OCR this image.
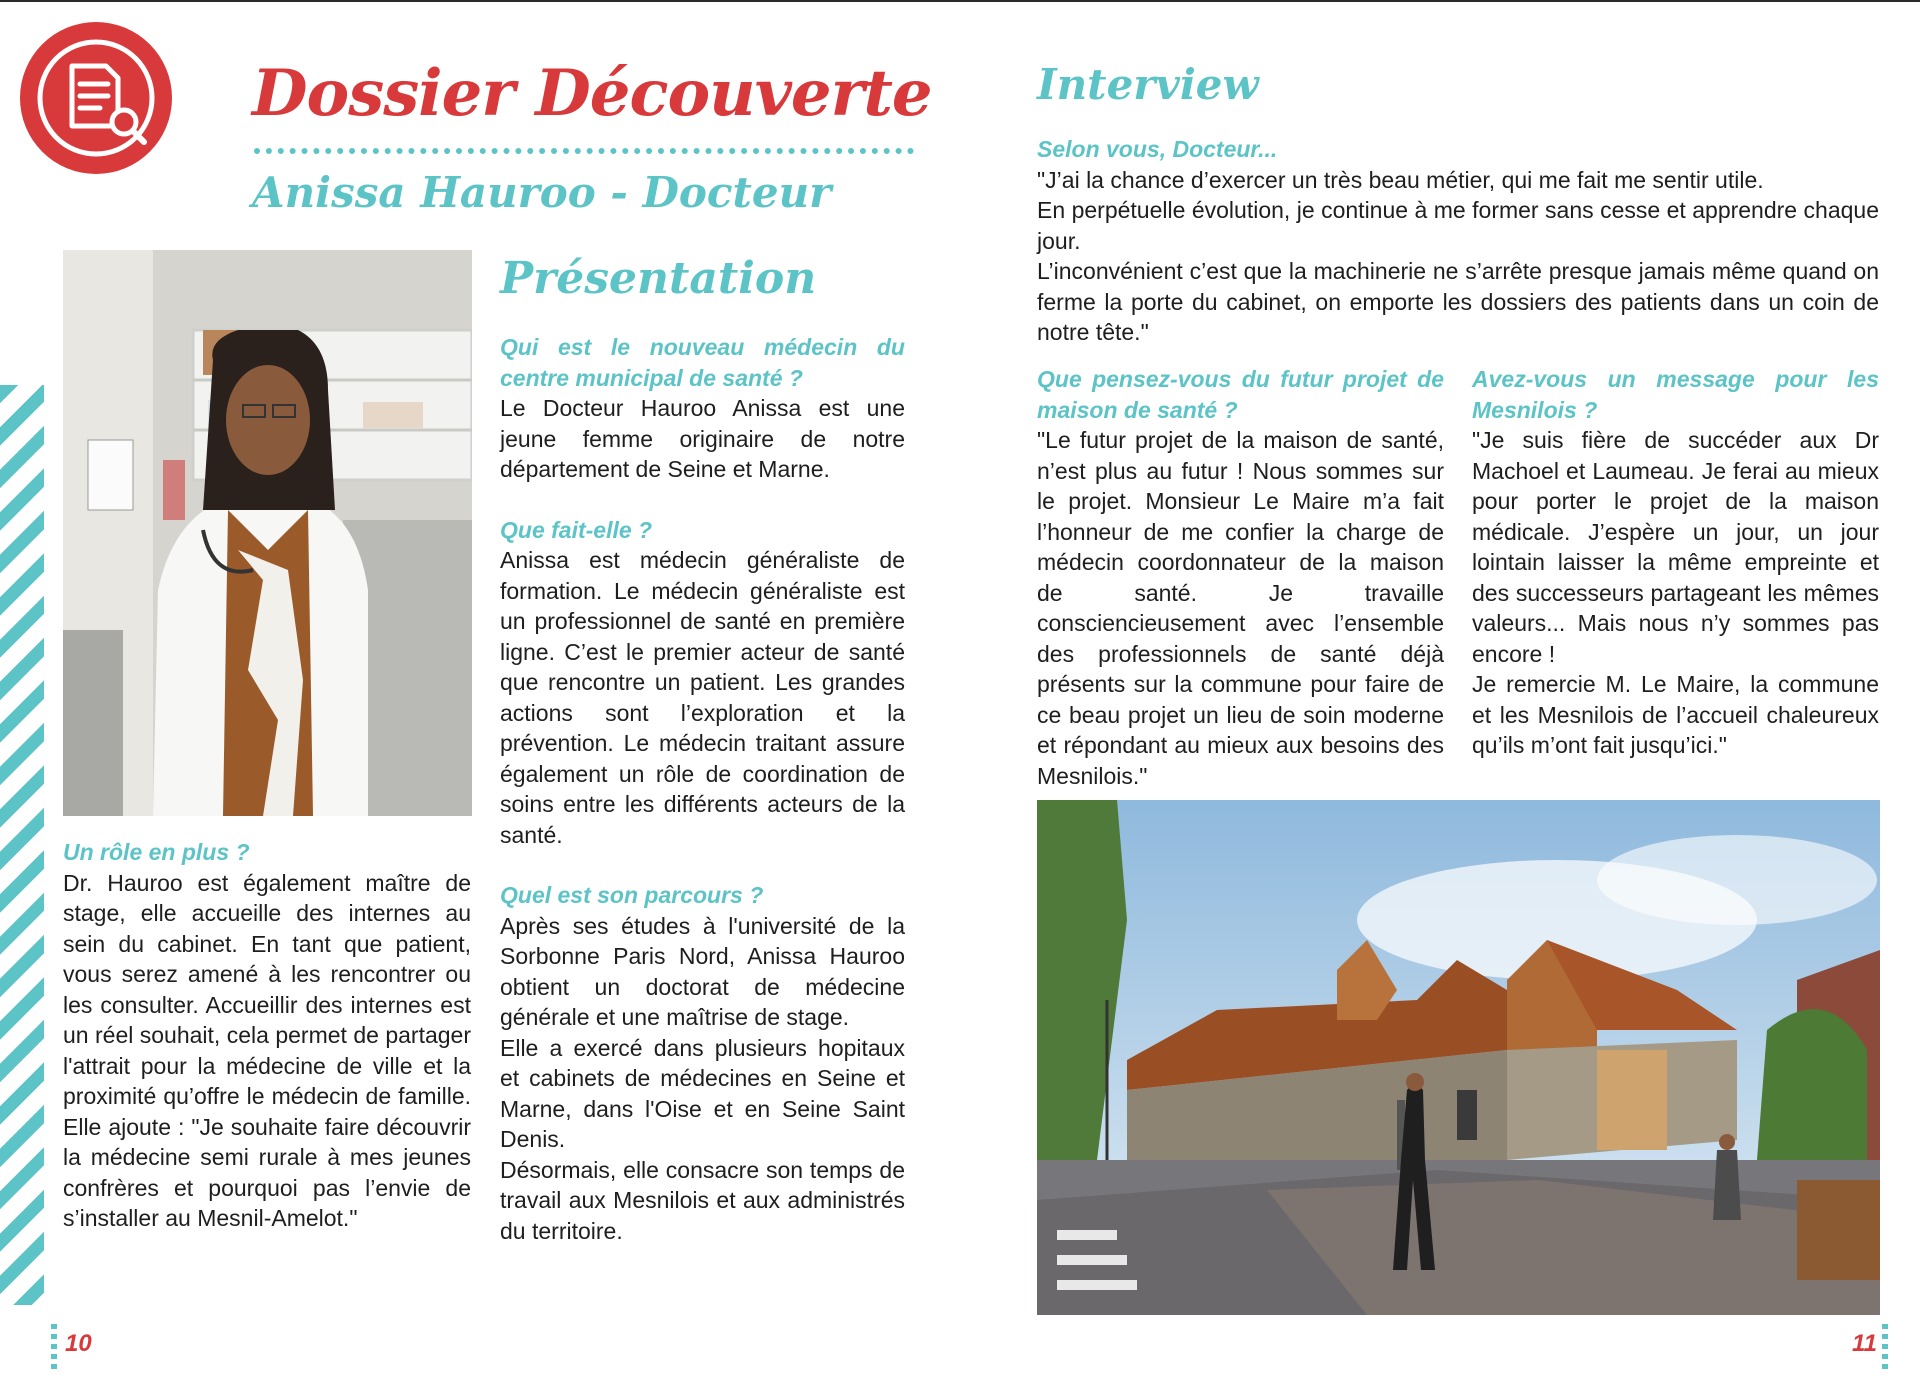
Dossier Découverte
Anissa Hauroo - Docteur
Présentation

Qui est le nouveau médecin du centre municipal de santé ?

Le Docteur Hauroo Anissa est une jeune femme originaire de notre département de Seine et Marne.

Que fait-elle ?

Anissa est médecin généraliste de formation. Le médecin généraliste est un professionnel de santé en première ligne. C’est le premier acteur de santé que rencontre un patient. Les grandes actions sont l’exploration et la prévention. Le médecin traitant assure également un rôle de coordination de soins entre les différents acteurs de la santé.

Quel est son parcours ?

Après ses études à l'université de la Sorbonne Paris Nord, Anissa Hauroo obtient un doctorat de médecine générale et une maîtrise de stage.

Elle a exercé dans plusieurs hopitaux et cabinets de médecines en Seine et Marne, dans l'Oise et en Seine Saint Denis.

Désormais, elle consacre son temps de travail aux Mesnilois et aux administrés du territoire.

Un rôle en plus ?

Dr. Hauroo est également maître de stage, elle accueille des internes au sein du cabinet. En tant que patient, vous serez amené à les rencontrer ou les consulter. Accueillir des internes est un réel souhait, cela permet de partager l'attrait pour la médecine de ville et la proximité qu’offre le médecin de famille. Elle ajoute : "Je souhaite faire découvrir la médecine semi rurale à mes jeunes confrères et pourquoi pas l’envie de s’installer au Mesnil-Amelot."

Interview

Selon vous, Docteur...

"J’ai la chance d’exercer un très beau métier, qui me fait me sentir utile.

En perpétuelle évolution, je continue à me former sans cesse et apprendre chaque jour.

L’inconvénient c’est que la machinerie ne s’arrête presque jamais même quand on ferme la porte du cabinet, on emporte les dossiers des patients dans un coin de notre tête."

Que pensez-vous du futur projet de maison de santé ?

"Le futur projet de la maison de santé, n’est plus au futur ! Nous sommes sur le projet. Monsieur Le Maire m’a fait l’honneur de me confier la charge de médecin coordonnateur de la maison de santé. Je travaille consciencieusement avec l’ensemble des professionnels de santé déjà présents sur la commune pour faire de ce beau projet un lieu de soin moderne et répondant au mieux aux besoins des Mesnilois."

Avez-vous un message pour les Mesnilois ?

"Je suis fière de succéder aux Dr Machoel et Laumeau. Je ferai au mieux pour porter le projet de la maison médicale. J’espère un jour, un jour lointain laisser la même empreinte et des successeurs partageant les mêmes valeurs... Mais nous n’y sommes pas encore !

Je remercie M. Le Maire, la commune et les Mesnilois de l’accueil chaleureux qu’ils m’ont fait jusqu’ici."

10	11
